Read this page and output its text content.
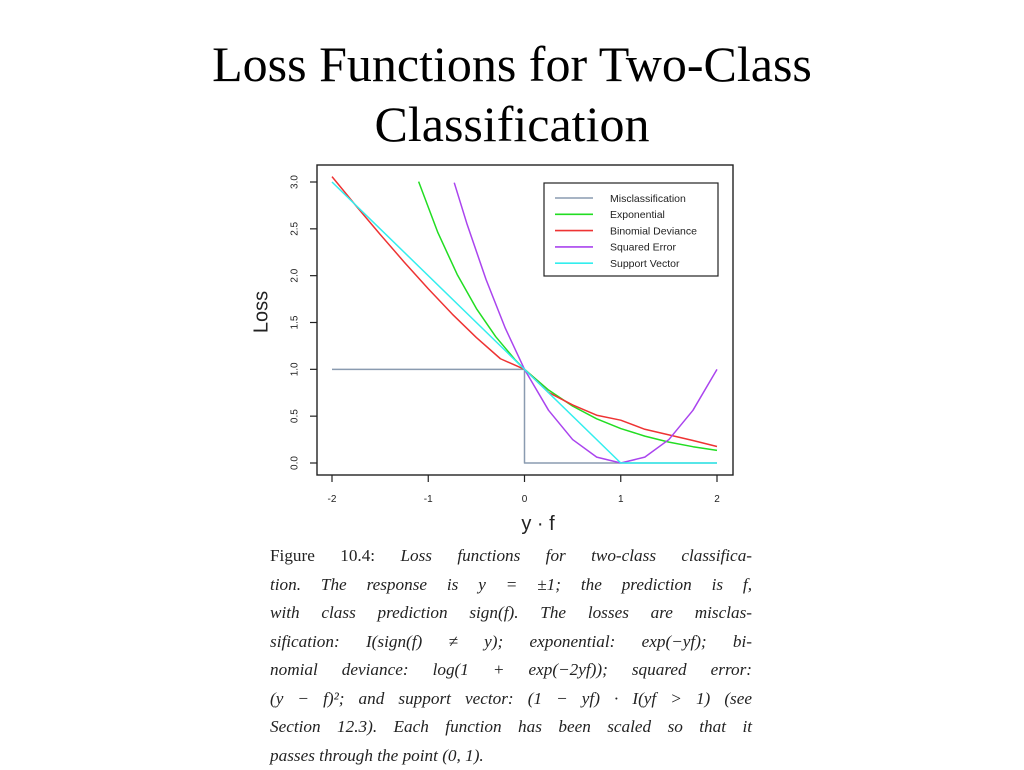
Loss Functions for Two-Class
Classification
-2	-1	0	1	2
0.0
0.5
1.0
1.5
2.0
2.5
3.0
Misclassification
Exponential
Binomial Deviance
Squared Error
Support Vector
y · f
Loss
Figure 10.4: Loss functions for two-class classifica-
tion. The response is y = ±1; the prediction is f,
with class prediction sign(f). The losses are misclas-
sification: I(sign(f) ≠ y); exponential: exp(−yf); bi-
nomial deviance: log(1 + exp(−2yf)); squared error:
(y − f)²; and support vector: (1 − yf) · I(yf > 1) (see
Section 12.3). Each function has been scaled so that it
passes through the point (0, 1).
